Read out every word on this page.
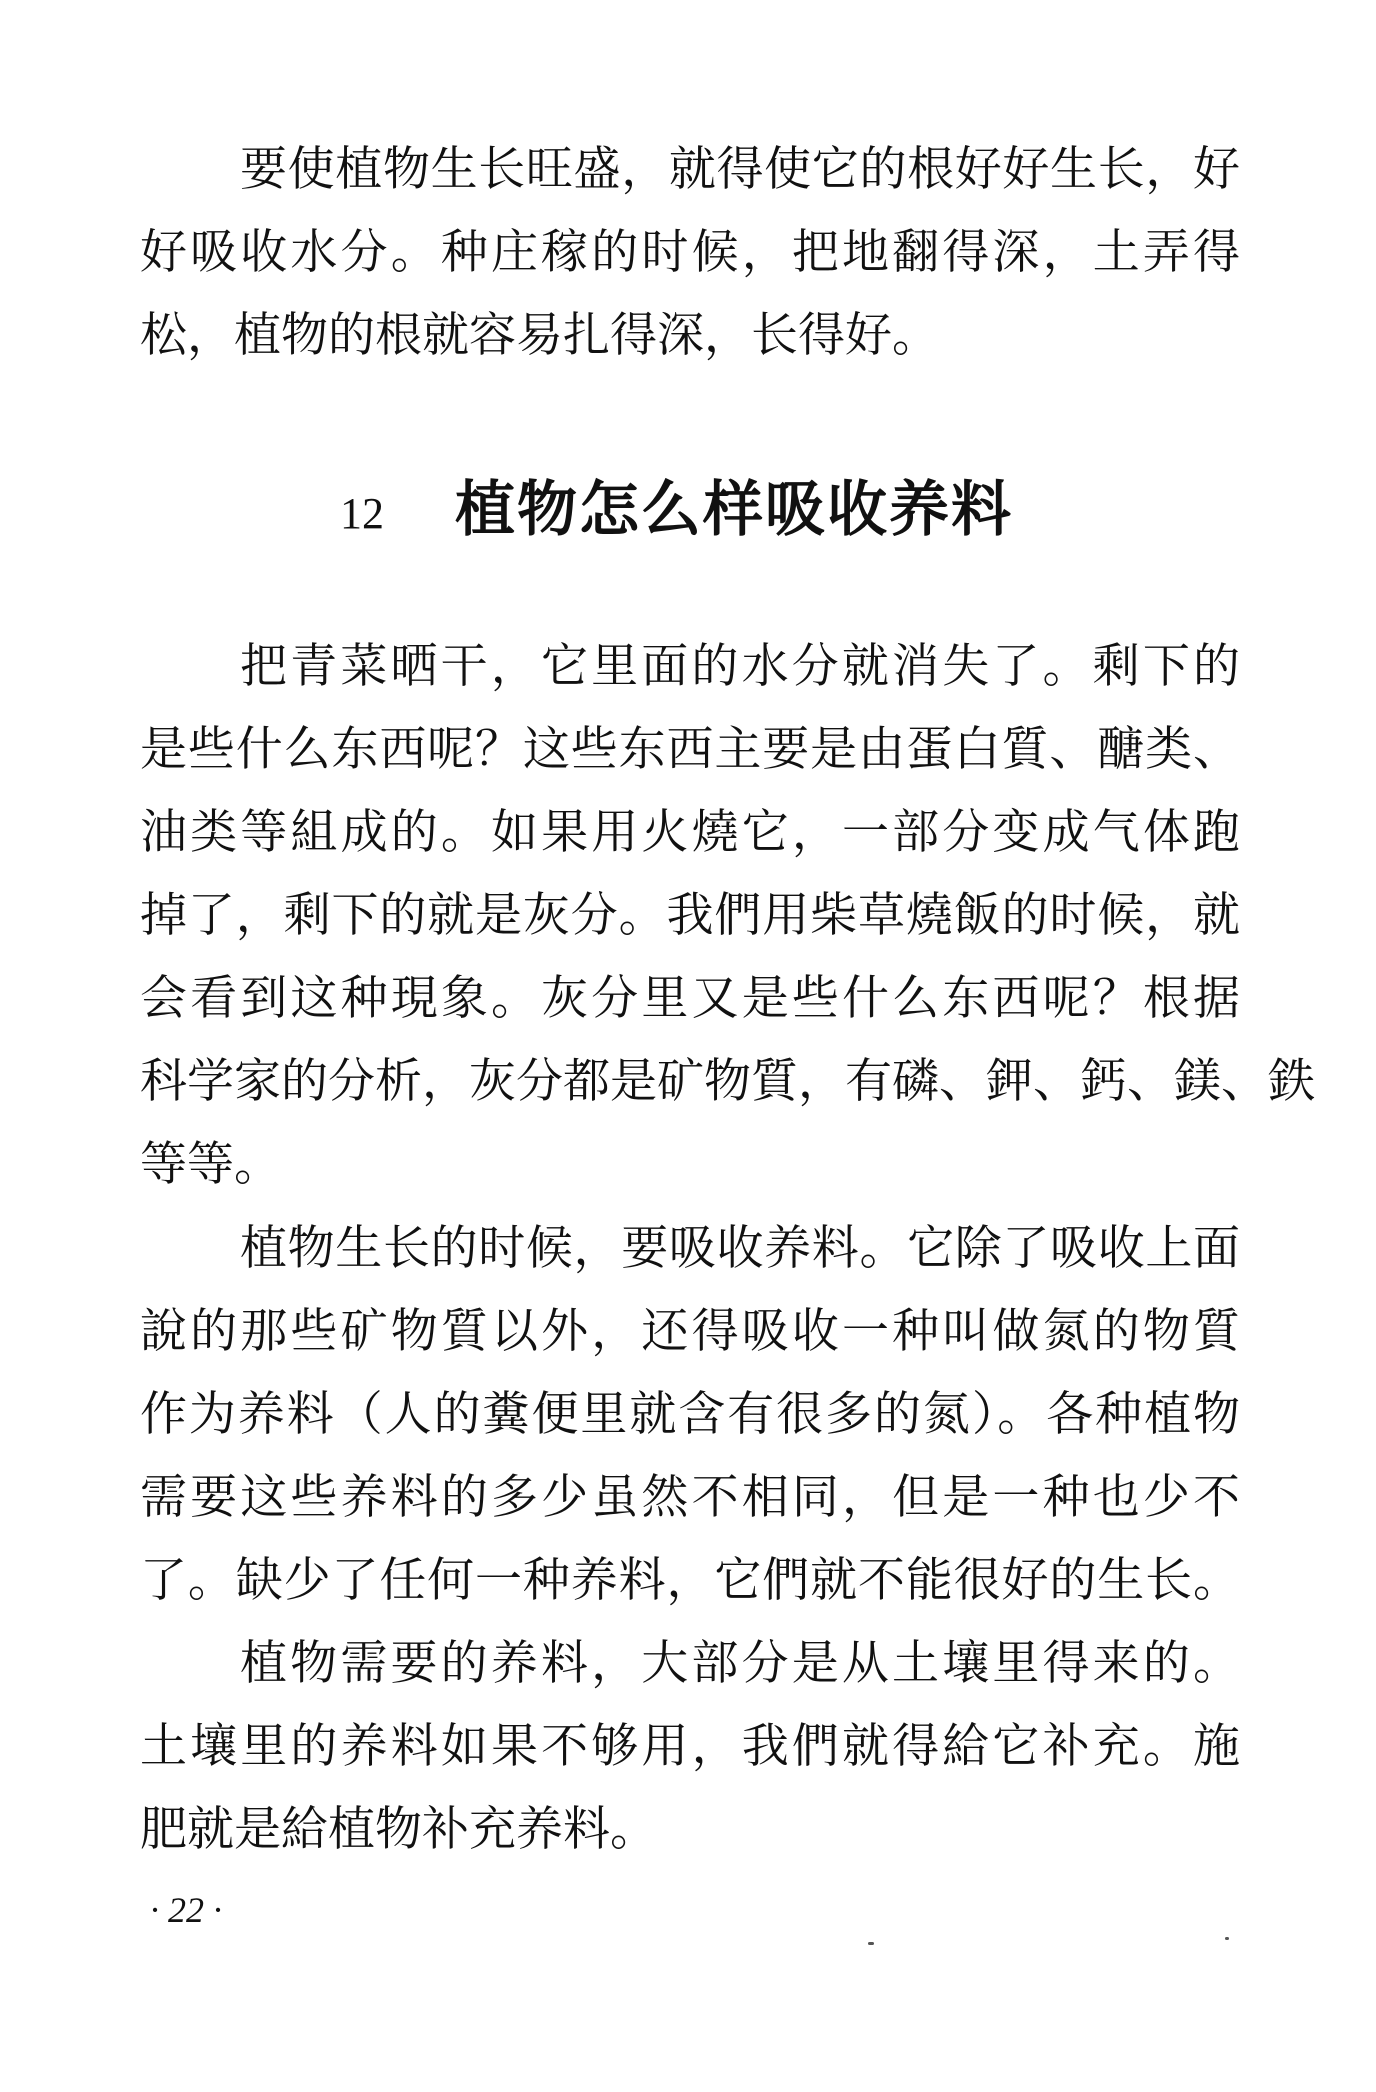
要使植物生长旺盛，就得使它的根好好生长，好
好吸收水分。种庄稼的时候，把地翻得深，土弄得
松，植物的根就容易扎得深，长得好。
12 植物怎么样吸收养料
把青菜晒干，它里面的水分就消失了。剩下的
是些什么东西呢？这些东西主要是由蛋白質、醣类、
油类等組成的。如果用火燒它，一部分变成气体跑
掉了，剩下的就是灰分。我們用柴草燒飯的时候，就
会看到这种現象。灰分里又是些什么东西呢？根据
科学家的分析，灰分都是矿物質，有磷、鉀、鈣、鎂、鉄
等等。
植物生长的时候，要吸收养料。它除了吸收上面
說的那些矿物質以外，还得吸收一种叫做氮的物質
作为养料（人的糞便里就含有很多的氮）。各种植物
需要这些养料的多少虽然不相同，但是一种也少不
了。缺少了任何一种养料，它們就不能很好的生长。
植物需要的养料，大部分是从土壤里得来的。
土壤里的养料如果不够用，我們就得給它补充。施
肥就是給植物补充养料。
· 22 ·
